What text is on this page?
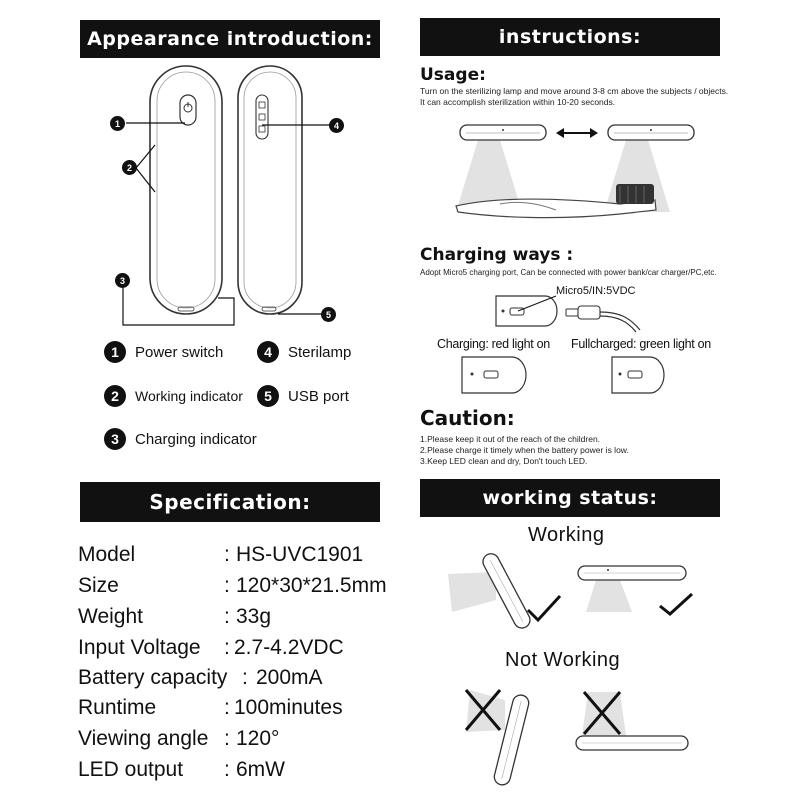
Appearance introduction:
1
2
3
4
5
1	Power switch	4	Sterilamp
2	Working indicator	5	USB port
3	Charging indicator
Specification:
Model	: HS-UVC1901
Size	: 120*30*21.5mm
Weight	: 33g
Input Voltage : 2.7-4.2VDC
Battery capacity : 200mA
Runtime	: 100minutes
Viewing angle : 120°
LED output : 6mW
instructions:
Usage:
Turn on the sterilizing lamp and move around 3-8 cm above the subjects / objects.
It can accomplish sterilization within 10-20 seconds.
Charging ways :
Adopt Micro5 charging port, Can be connected with power bank/car charger/PC,etc.
Micro5/IN:5VDC
Charging: red light on Fullcharged: green light on
Caution:
1.Please keep it out of the reach of the children.
2.Please charge it timely when the battery power is low.
3.Keep LED clean and dry, Don't touch LED.
working status:
Working
Not Working
